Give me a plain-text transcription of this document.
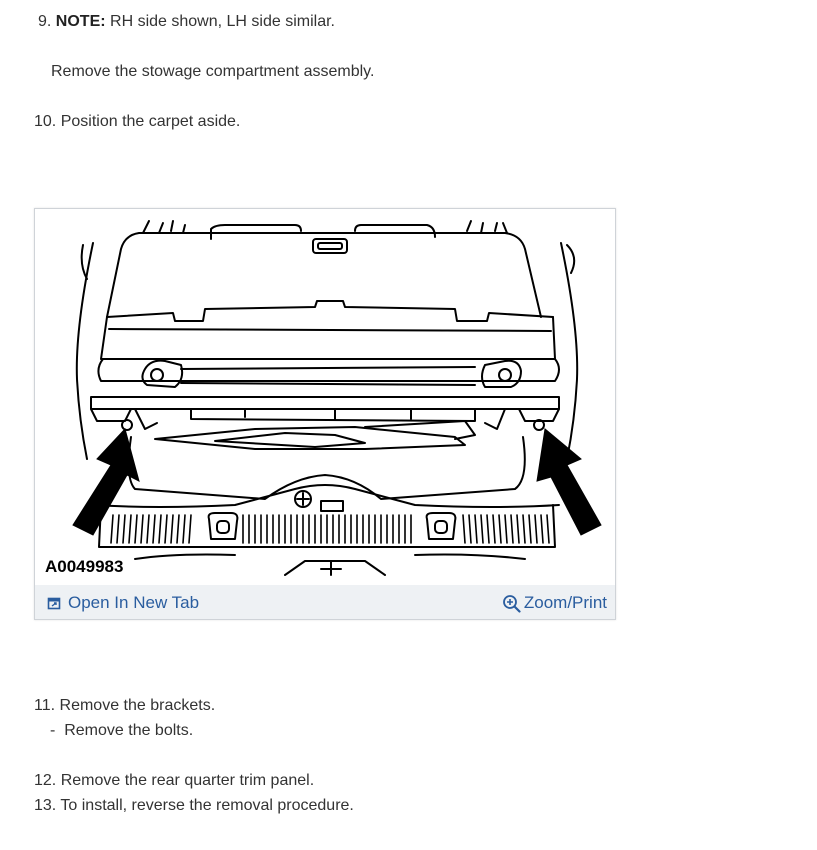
9. NOTE: RH side shown, LH side similar.
Remove the stowage compartment assembly.
10. Position the carpet aside.
A0049983
Open In New Tab	Zoom/Print
11. Remove the brackets.
- Remove the bolts.
12. Remove the rear quarter trim panel.
13. To install, reverse the removal procedure.
